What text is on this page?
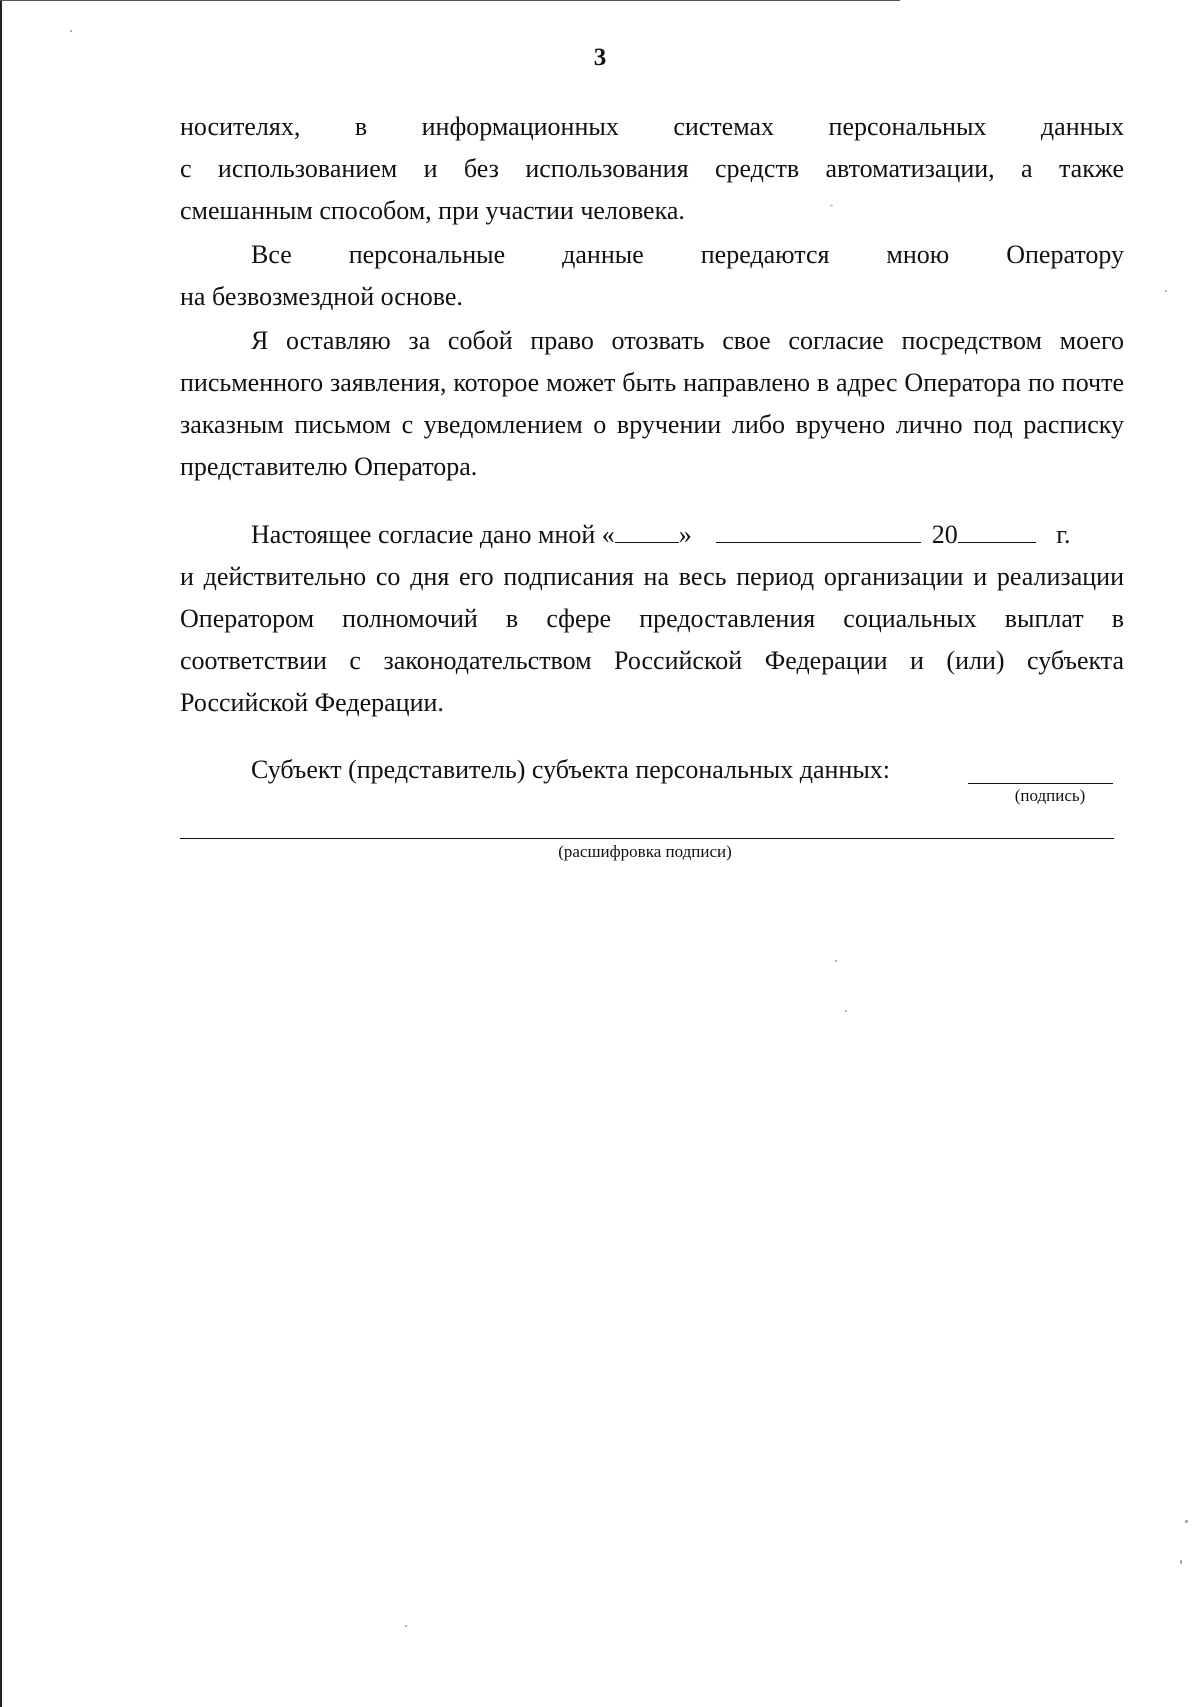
3
носителях, в информационных системах персональных данных
с использованием и без использования средств автоматизации, а также
смешанным способом, при участии человека.
Все персональные данные передаются мною Оператору
на безвозмездной основе.

Я оставляю за собой право отозвать свое согласие посредством моего письменного заявления, которое может быть направлено в адрес Оператора по почте заказным письмом с уведомлением о вручении либо вручено лично под расписку представителю Оператора.

Настоящее согласие дано мной « »	20	г.

и действительно со дня его подписания на весь период организации и реализации Оператором полномочий в сфере предоставления социальных выплат в соответствии с законодательством Российской Федерации и (или) субъекта Российской Федерации.

Субъект (представитель) субъекта персональных данных:
(подпись)
(расшифровка подписи)
